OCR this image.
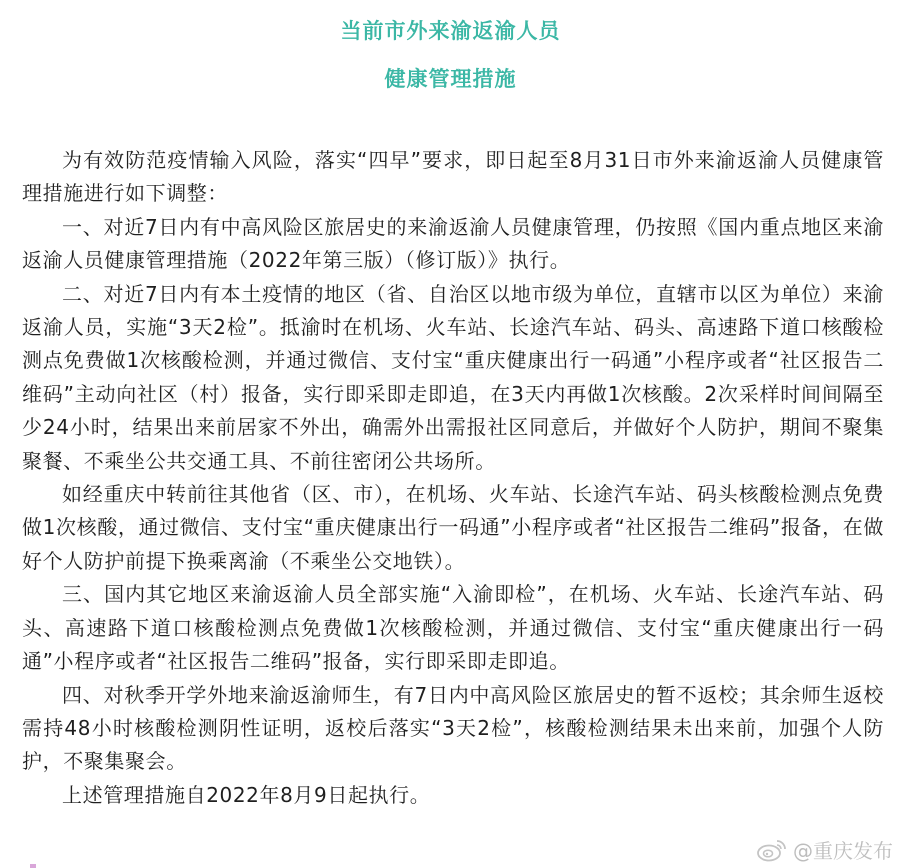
当前市外来渝返渝人员
健康管理措施

为有效防范疫情输入风险，落实“四早”要求，即日起至8月31日市外来渝返渝人员健康管理措施进行如下调整：

一、对近7日内有中高风险区旅居史的来渝返渝人员健康管理，仍按照《国内重点地区来渝返渝人员健康管理措施（2022年第三版）（修订版）》执行。

二、对近7日内有本土疫情的地区（省、自治区以地市级为单位，直辖市以区为单位）来渝返渝人员，实施“3天2检”。抵渝时在机场、火车站、长途汽车站、码头、高速路下道口核酸检测点免费做1次核酸检测，并通过微信、支付宝“重庆健康出行一码通”小程序或者“社区报告二维码”主动向社区（村）报备，实行即采即走即追，在3天内再做1次核酸。2次采样时间间隔至少24小时，结果出来前居家不外出，确需外出需报社区同意后，并做好个人防护，期间不聚集聚餐、不乘坐公共交通工具、不前往密闭公共场所。

如经重庆中转前往其他省（区、市），在机场、火车站、长途汽车站、码头核酸检测点免费做1次核酸，通过微信、支付宝“重庆健康出行一码通”小程序或者“社区报告二维码”报备，在做好个人防护前提下换乘离渝（不乘坐公交地铁）。

三、国内其它地区来渝返渝人员全部实施“入渝即检”，在机场、火车站、长途汽车站、码头、高速路下道口核酸检测点免费做1次核酸检测，并通过微信、支付宝“重庆健康出行一码通”小程序或者“社区报告二维码”报备，实行即采即走即追。

四、对秋季开学外地来渝返渝师生，有7日内中高风险区旅居史的暂不返校；其余师生返校需持48小时核酸检测阴性证明，返校后落实“3天2检”，核酸检测结果未出来前，加强个人防护，不聚集聚会。

上述管理措施自2022年8月9日起执行。

@重庆发布
